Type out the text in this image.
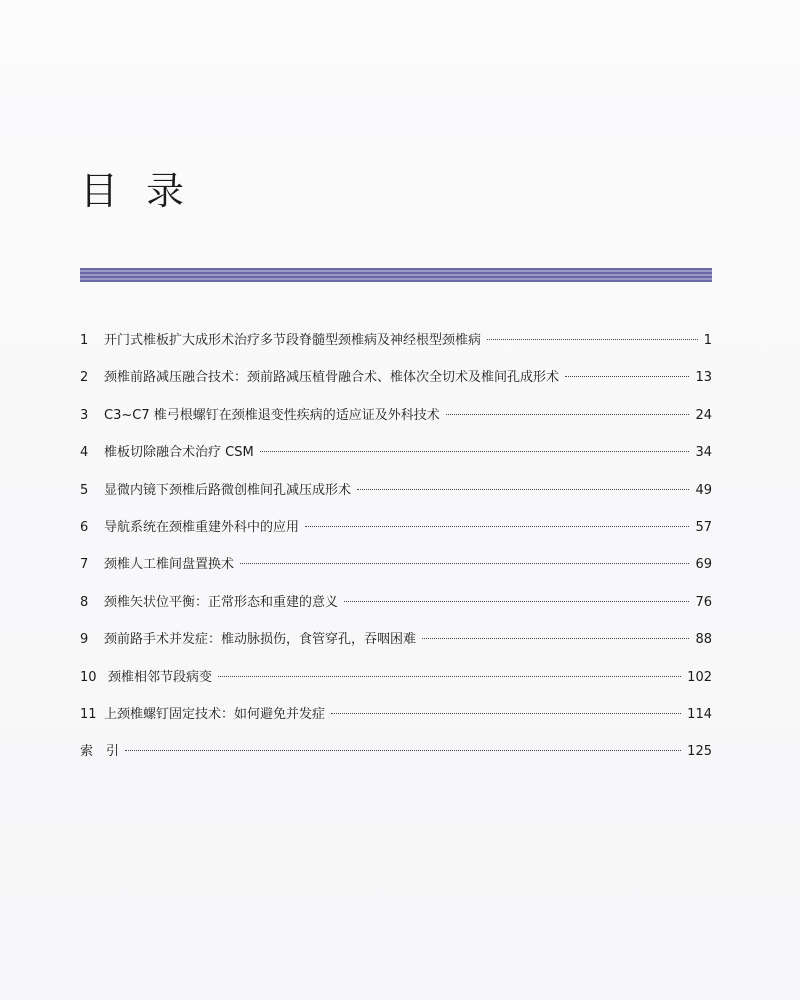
目录
1	开门式椎板扩大成形术治疗多节段脊髓型颈椎病及神经根型颈椎病	1
2	颈椎前路减压融合技术：颈前路减压植骨融合术、椎体次全切术及椎间孔成形术	13
3	C3~C7 椎弓根螺钉在颈椎退变性疾病的适应证及外科技术	24
4	椎板切除融合术治疗 CSM	34
5	显微内镜下颈椎后路微创椎间孔减压成形术	49
6	导航系统在颈椎重建外科中的应用	57
7	颈椎人工椎间盘置换术	69
8	颈椎矢状位平衡：正常形态和重建的意义	76
9	颈前路手术并发症：椎动脉损伤，食管穿孔，吞咽困难	88
10 颈椎相邻节段病变	102
11 上颈椎螺钉固定技术：如何避免并发症	114
索　引	125
